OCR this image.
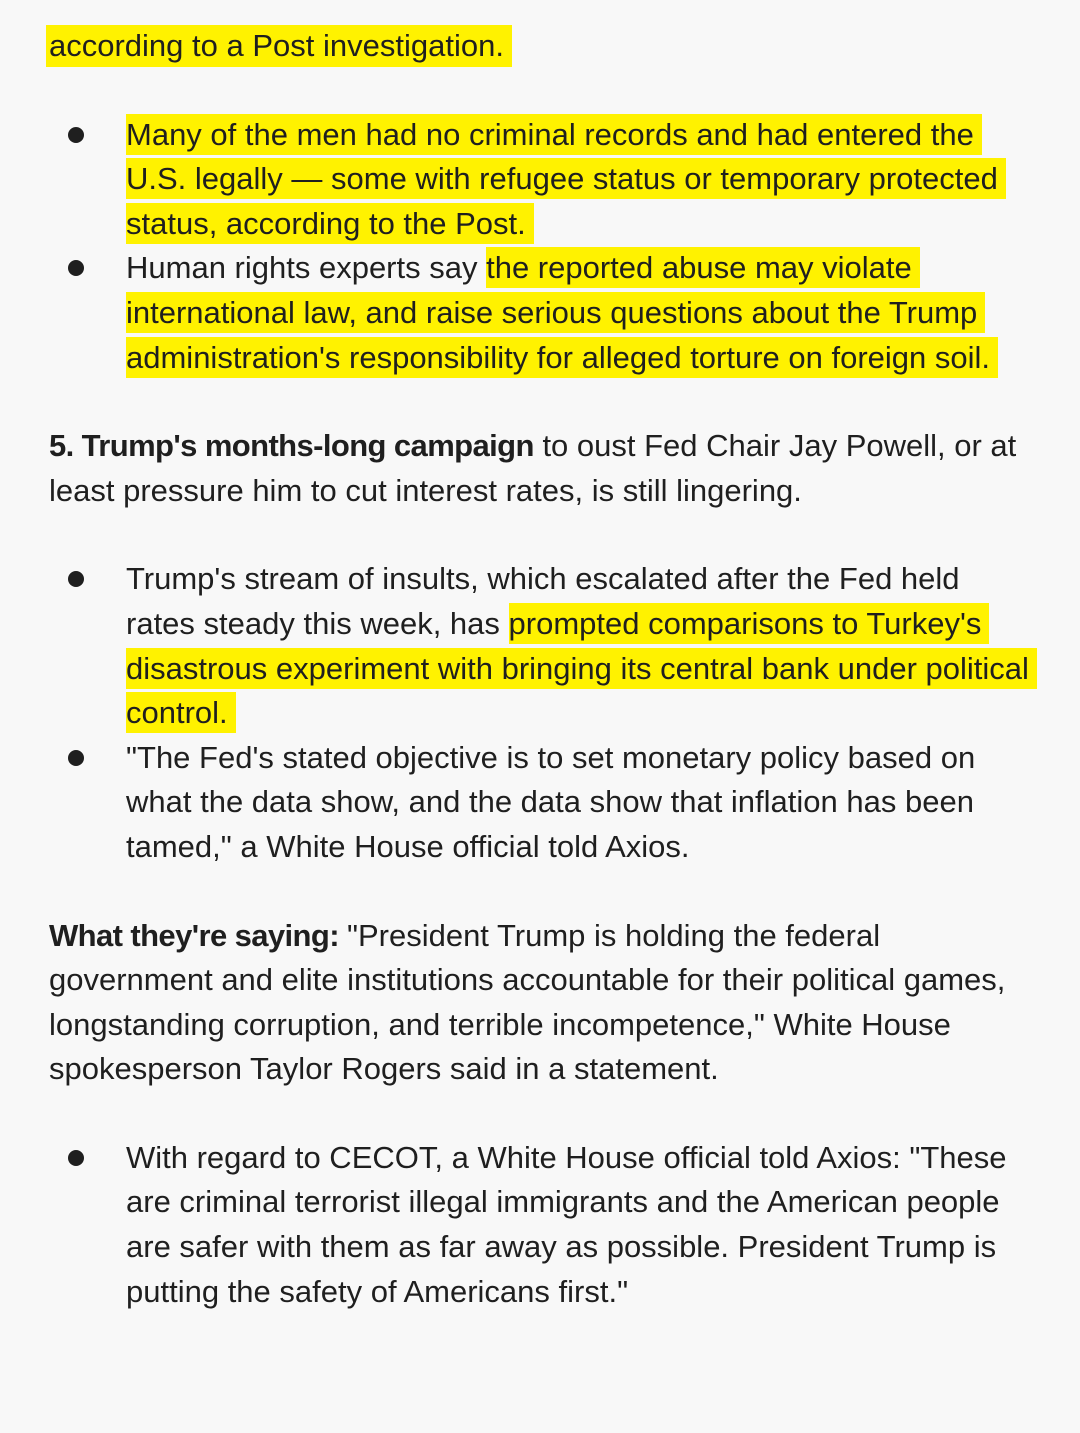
according to a Post investigation.

Many of the men had no criminal records and had entered the U.S. legally — some with refugee status or temporary protected status, according to the Post.
Human rights experts say the reported abuse may violate international law, and raise serious questions about the Trump administration's responsibility for alleged torture on foreign soil.

5. Trump's months-long campaign to oust Fed Chair Jay Powell, or at least pressure him to cut interest rates, is still lingering.

Trump's stream of insults, which escalated after the Fed held rates steady this week, has prompted comparisons to Turkey's disastrous experiment with bringing its central bank under political control.
"The Fed's stated objective is to set monetary policy based on what the data show, and the data show that inflation has been tamed," a White House official told Axios.

What they're saying: "President Trump is holding the federal government and elite institutions accountable for their political games, longstanding corruption, and terrible incompetence," White House spokesperson Taylor Rogers said in a statement.

With regard to CECOT, a White House official told Axios: "These are criminal terrorist illegal immigrants and the American people are safer with them as far away as possible. President Trump is putting the safety of Americans first."
